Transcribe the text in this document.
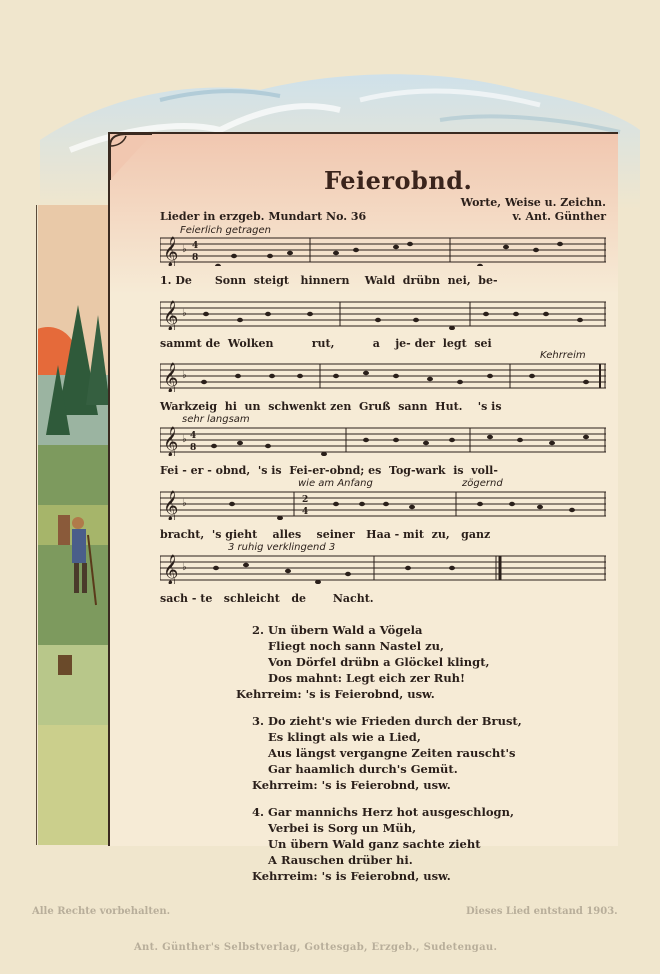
Feierobnd.
Lieder in erzgeb. Mundart No. 36
Worte, Weise u. Zeichn.
v. Ant. Günther
Feierlich getragen
𝄞 ♭ 4
8
1. De      Sonn  steigt   hinnern    Wald  drübn  nei,  be-
𝄞 ♭
sammt de  Wolken          rut,          a    je- der  legt  sei
Kehrreim
𝄞 ♭
Warkzeig  hi  un  schwenkt zen  Gruß  sann  Hut.    's is
sehr langsam
𝄞 ♭ 4
8
Fei - er - obnd,  's is  Fei-er-obnd; es  Tog-wark  is  voll-
wie am Anfang	zögernd
𝄞 ♭	2
4
bracht,  's gieht    alles    seiner   Haa - mit  zu,   ganz
3 ruhig verklingend 3
𝄞 ♭
sach - te   schleicht   de       Nacht.
2. Un übern Wald a Vögela
Fliegt noch sann Nastel zu,
Von Dörfel drübn a Glöckel klingt,
Dos mahnt: Legt eich zer Ruh!
Kehrreim: 's is Feierobnd, usw.
3. Do zieht's wie Frieden durch der Brust,
Es klingt als wie a Lied,
Aus längst vergangne Zeiten rauscht's
Gar haamlich durch's Gemüt.
Kehrreim: 's is Feierobnd, usw.
4. Gar mannichs Herz hot ausgeschlogn,
Verbei is Sorg un Müh,
Un übern Wald ganz sachte zieht
A Rauschen drüber hi.
Kehrreim: 's is Feierobnd, usw.
Alle Rechte vorbehalten.	Dieses Lied entstand 1903.
Ant. Günther's Selbstverlag, Gottesgab, Erzgeb., Sudetengau.
